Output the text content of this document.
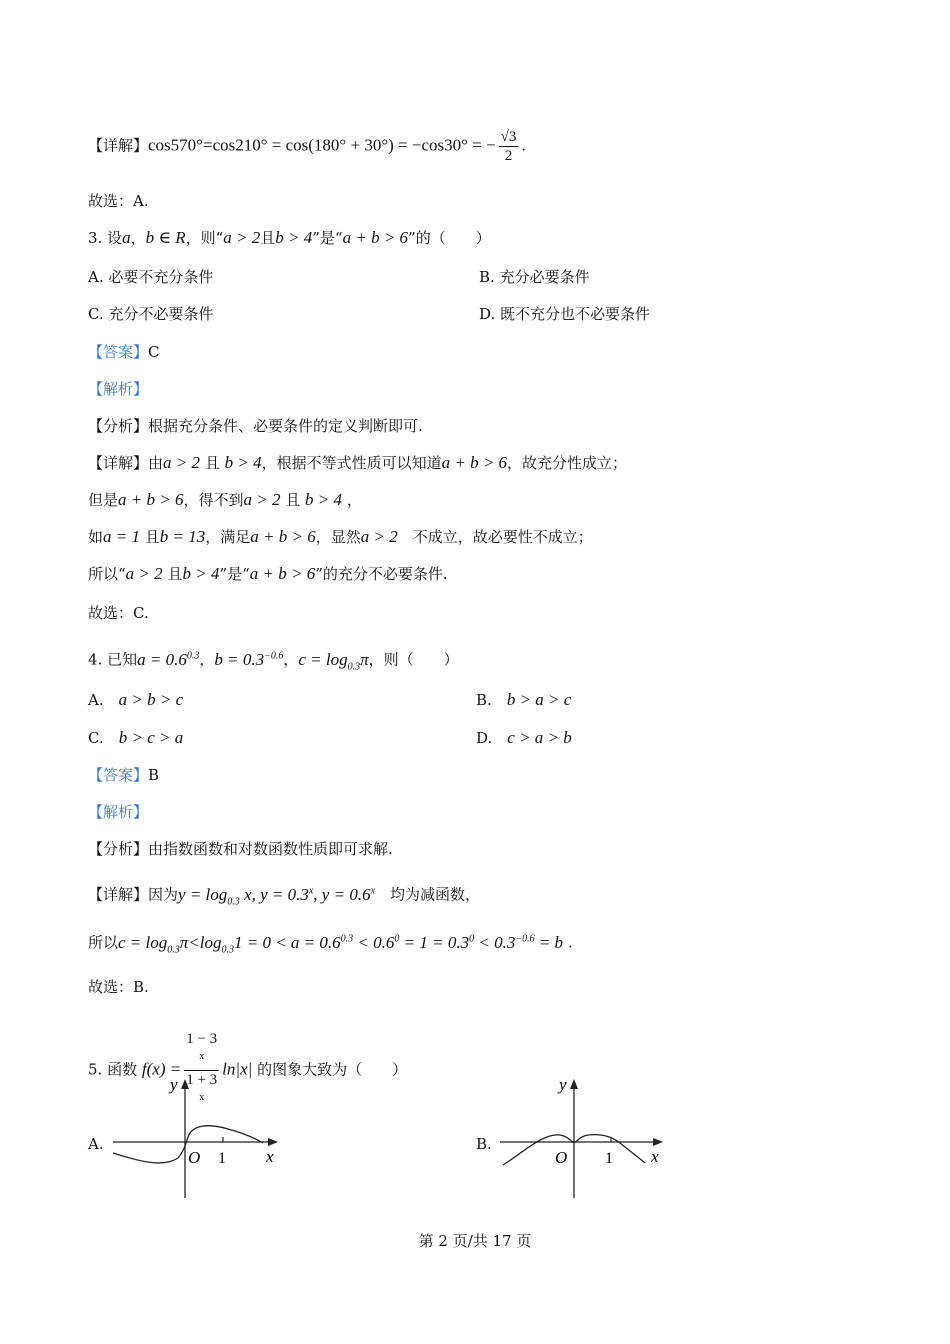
【详解】cos570°=cos210° = cos(180° + 30°) = −cos30° = − $\frac{√3}{2}$ .
故选：A.
3. 设a，b ∈ R，则“a > 2且b > 4”是“a + b > 6”的（　　）
A. 必要不充分条件	B. 充分必要条件
C. 充分不必要条件	D. 既不充分也不必要条件
【答案】C
【解析】
【分析】根据充分条件、必要条件的定义判断即可.
【详解】由a > 2 且 b > 4，根据不等式性质可以知道a + b > 6，故充分性成立；
但是a + b > 6，得不到a > 2 且 b > 4 ，
如a = 1 且b = 13，满足a + b > 6，显然a > 2　 不成立，故必要性不成立；
所以“a > 2 且b > 4”是“a + b > 6”的充分不必要条件.
故选：C.
4. 已知$a = 0.6^{0.3}$，$b = 0.3^{-0.6}$，$c = \log_{0.3}\pi$，则（　　）
A.　 a > b > c	B.　 b > a > c
C.　 b > c > a	D.　 c > a > b
【答案】B
【解析】
【分析】由指数函数和对数函数性质即可求解.
【详解】因为$y = \log_{0.3} x$, $y = 0.3^x$, $y = 0.6^x$　 均为减函数，
所以$c = \log_{0.3}\pi<\log_{0.3}1 = 0 < a = 0.6^{0.3} < 0.6^0 = 1 = 0.3^0 < 0.3^{-0.6} = b$ .
故选：B.
5. 函数 f(x) = 1 − 3
$^x$
1 + 3
$^x$ ln|x| 的图象大致为（　　）
A.
y
x
O 1
B.
y
x
O 1
第 2 页/共 17 页
